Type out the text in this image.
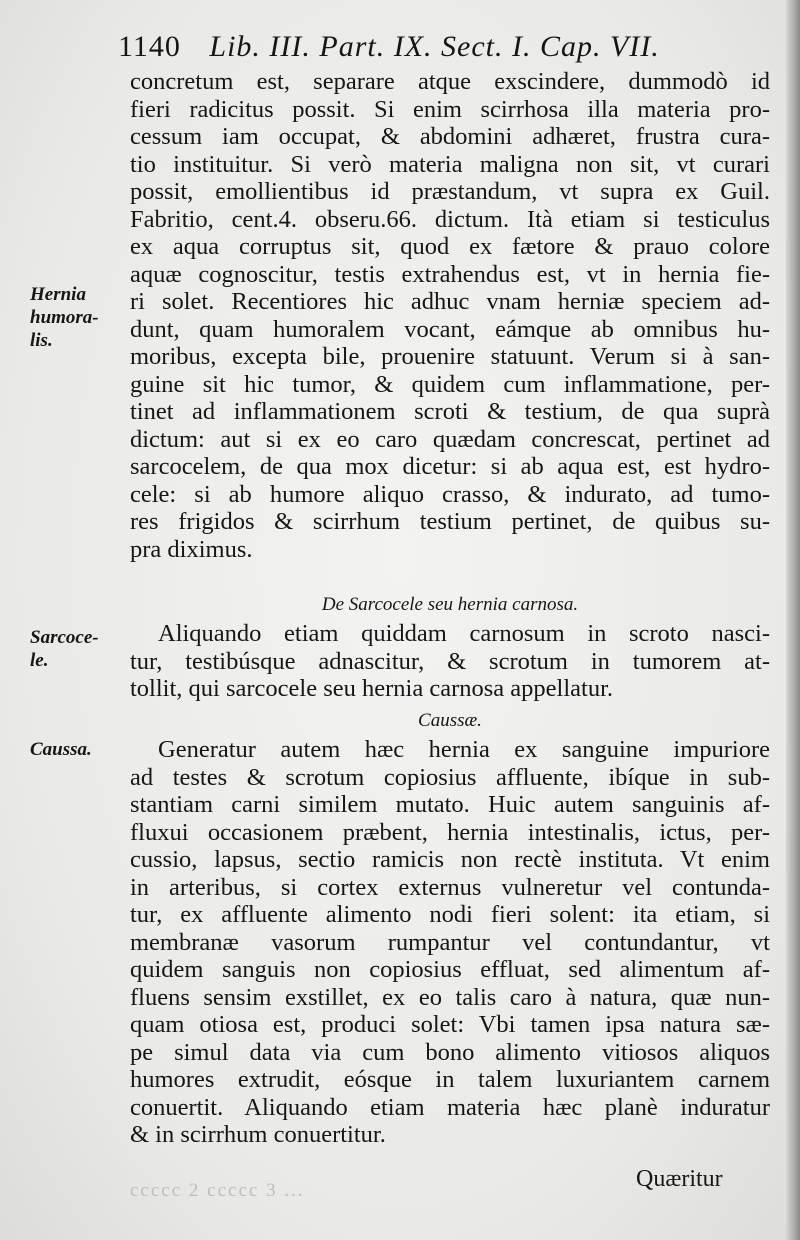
1140 Lib. III. Part. IX. Sect. I. Cap. VII.
Hernia
humora-
lis.
Sarcoce-
le.
Caussa.
concretum est, separare atque exscindere, dummodò id
fieri radicitus possit. Si enim scirrhosa illa materia pro-
cessum iam occupat, & abdomini adhæret, frustra cura-
tio instituitur. Si verò materia maligna non sit, vt curari
possit, emollientibus id præstandum, vt supra ex Guil.
Fabritio, cent.4. obseru.66. dictum. Ità etiam si testiculus
ex aqua corruptus sit, quod ex fætore & prauo colore
aquæ cognoscitur, testis extrahendus est, vt in hernia fie-
ri solet. Recentiores hic adhuc vnam herniæ speciem ad-
dunt, quam humoralem vocant, eámque ab omnibus hu-
moribus, excepta bile, prouenire statuunt. Verum si à san-
guine sit hic tumor, & quidem cum inflammatione, per-
tinet ad inflammationem scroti & testium, de qua suprà
dictum: aut si ex eo caro quædam concrescat, pertinet ad
sarcocelem, de qua mox dicetur: si ab aqua est, est hydro-
cele: si ab humore aliquo crasso, & indurato, ad tumo-
res frigidos & scirrhum testium pertinet, de quibus su-
pra diximus.
De Sarcocele seu hernia carnosa.
Aliquando etiam quiddam carnosum in scroto nasci-
tur, testibúsque adnascitur, & scrotum in tumorem at-
tollit, qui sarcocele seu hernia carnosa appellatur.
Caussæ.
Generatur autem hæc hernia ex sanguine impuriore
ad testes & scrotum copiosius affluente, ibíque in sub-
stantiam carni similem mutato. Huic autem sanguinis af-
fluxui occasionem præbent, hernia intestinalis, ictus, per-
cussio, lapsus, sectio ramicis non rectè instituta. Vt enim
in arteribus, si cortex externus vulneretur vel contunda-
tur, ex affluente alimento nodi fieri solent: ita etiam, si
membranæ vasorum rumpantur vel contundantur, vt
quidem sanguis non copiosius effluat, sed alimentum af-
fluens sensim exstillet, ex eo talis caro à natura, quæ nun-
quam otiosa est, produci solet: Vbi tamen ipsa natura sæ-
pe simul data via cum bono alimento vitiosos aliquos
humores extrudit, eósque in talem luxuriantem carnem
conuertit. Aliquando etiam materia hæc planè induratur
& in scirrhum conuertitur.
ccccc 2 ccccc 3 ...	Quæritur
